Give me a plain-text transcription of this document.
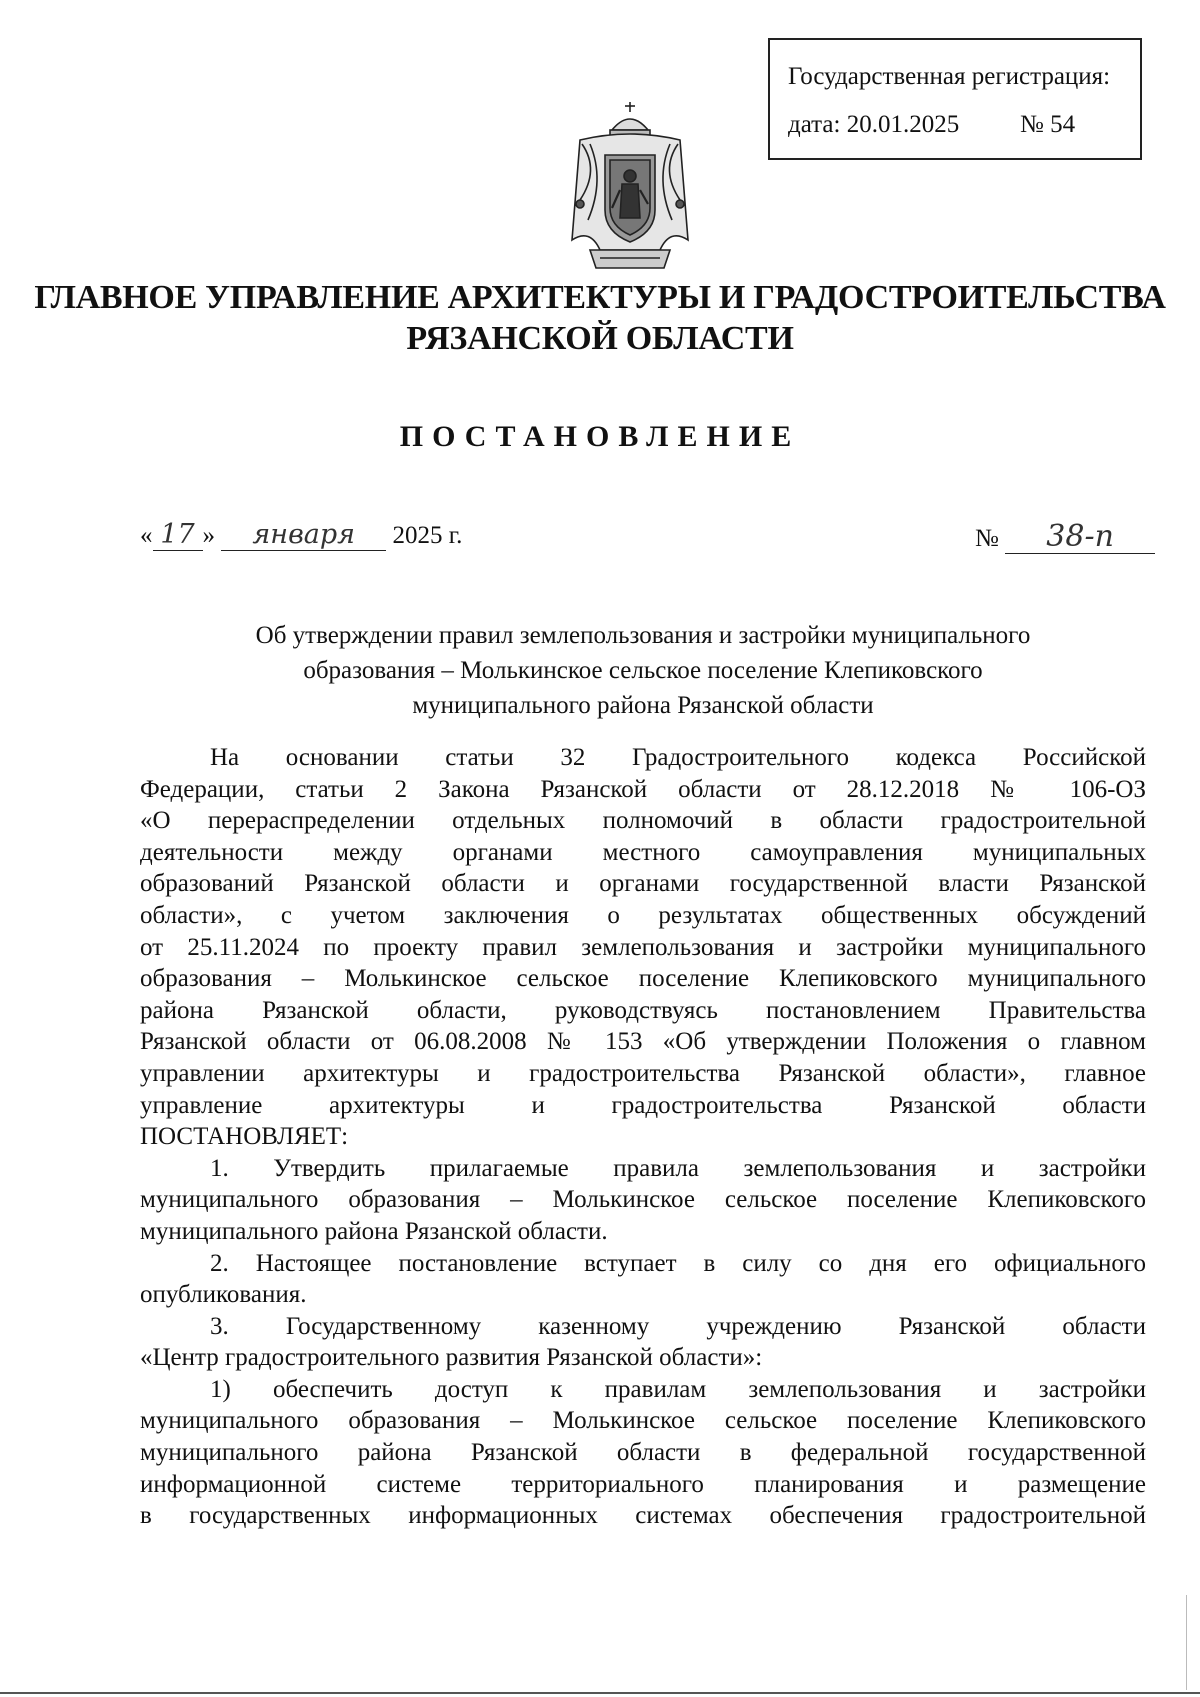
Государственная регистрация:
дата: 20.01.2025 № 54
ГЛАВНОЕ УПРАВЛЕНИЕ АРХИТЕКТУРЫ И ГРАДОСТРОИТЕЛЬСТВА
РЯЗАНСКОЙ ОБЛАСТИ
ПОСТАНОВЛЕНИЕ
« 17 » января 2025 г.	№ 38-п
Об утверждении правил землепользования и застройки муниципального
образования – Молькинское сельское поселение Клепиковского
муниципального района Рязанской области
На основании статьи 32 Градостроительного кодекса Российской
Федерации, статьи 2 Закона Рязанской области от 28.12.2018 № 106-ОЗ
«О перераспределении отдельных полномочий в области градостроительной
деятельности между органами местного самоуправления муниципальных
образований Рязанской области и органами государственной власти Рязанской
области», с учетом заключения о результатах общественных обсуждений
от 25.11.2024 по проекту правил землепользования и застройки муниципального
образования – Молькинское сельское поселение Клепиковского муниципального
района Рязанской области, руководствуясь постановлением Правительства
Рязанской области от 06.08.2008 № 153 «Об утверждении Положения о главном
управлении архитектуры и градостроительства Рязанской области», главное
управление архитектуры и градостроительства Рязанской области
ПОСТАНОВЛЯЕТ:
1. Утвердить прилагаемые правила землепользования и застройки
муниципального образования – Молькинское сельское поселение Клепиковского
муниципального района Рязанской области.
2. Настоящее постановление вступает в силу со дня его официального
опубликования.
3. Государственному казенному учреждению Рязанской области
«Центр градостроительного развития Рязанской области»:
1) обеспечить доступ к правилам землепользования и застройки
муниципального образования – Молькинское сельское поселение Клепиковского
муниципального района Рязанской области в федеральной государственной
информационной системе территориального планирования и размещение
в государственных информационных системах обеспечения градостроительной
